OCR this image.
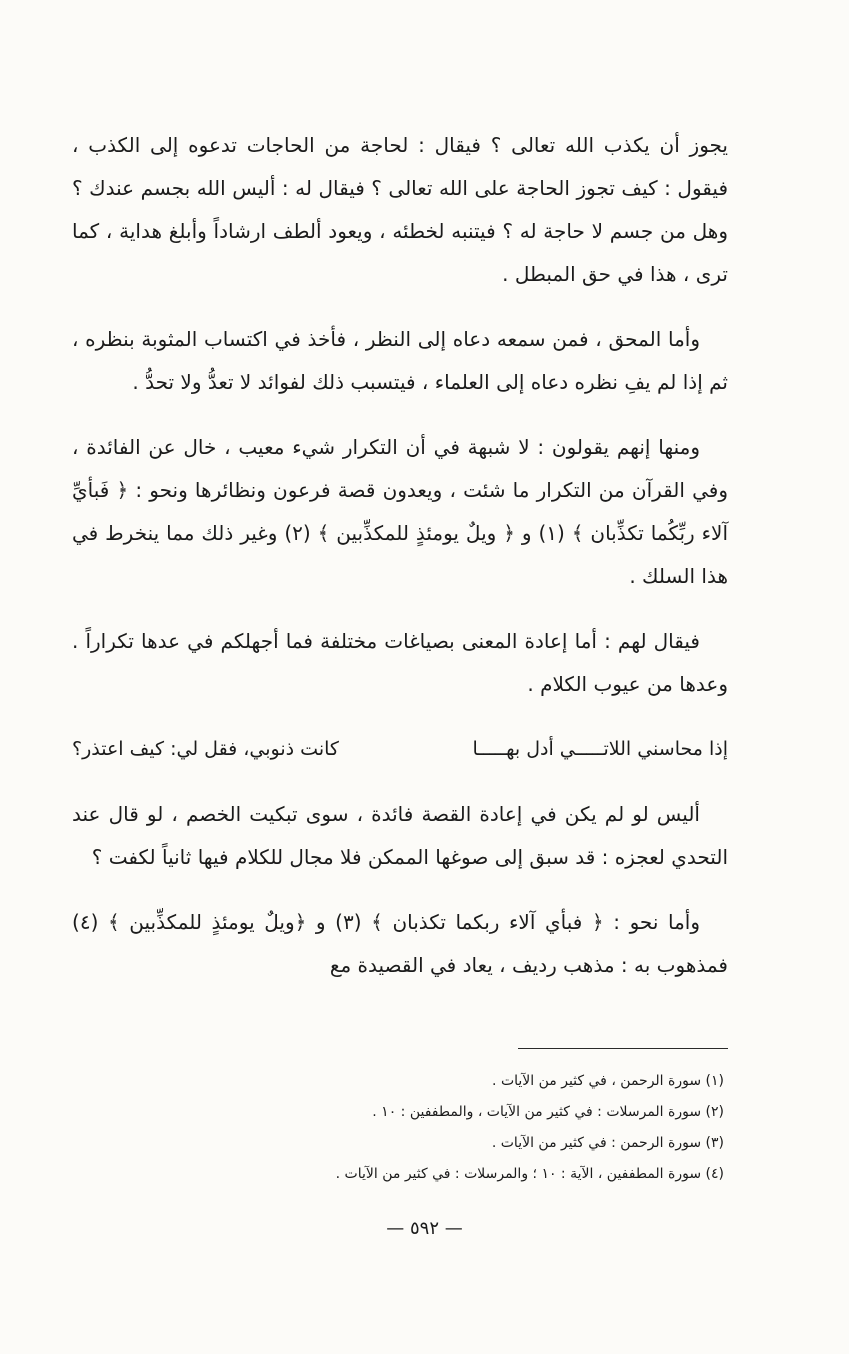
يجوز أن يكذب الله تعالى ؟ فيقال : لحاجة من الحاجات تدعوه إلى الكذب ، فيقول : كيف تجوز الحاجة على الله تعالى ؟ فيقال له : أليس الله بجسم عندك ؟ وهل من جسم لا حاجة له ؟ فيتنبه لخطئه ، ويعود ألطف ارشاداً وأبلغ هداية ، كما ترى ، هذا في حق المبطل .

وأما المحق ، فمن سمعه دعاه إلى النظر ، فأخذ في اكتساب المثوبة بنظره ، ثم إذا لم يفِ نظره دعاه إلى العلماء ، فيتسبب ذلك لفوائد لا تعدُّ ولا تحدُّ .

ومنها إنهم يقولون : لا شبهة في أن التكرار شيء معيب ، خال عن الفائدة ، وفي القرآن من التكرار ما شئت ، ويعدون قصة فرعون ونظائرها ونحو : ﴿ فَبأيِّ آلاء ربِّكُما تكذِّبان ﴾ (١) و ﴿ ويلٌ يومئذٍ للمكذِّبين ﴾ (٢) وغير ذلك مما ينخرط في هذا السلك .

فيقال لهم : أما إعادة المعنى بصياغات مختلفة فما أجهلكم في عدها تكراراً . وعدها من عيوب الكلام .

إذا محاسني اللاتـــــي أدل بهـــــا
كانت ذنوبي، فقل لي: كيف اعتذر؟

أليس لو لم يكن في إعادة القصة فائدة ، سوى تبكيت الخصم ، لو قال عند التحدي لعجزه : قد سبق إلى صوغها الممكن فلا مجال للكلام فيها ثانياً لكفت ؟

وأما نحو : ﴿ فبأي آلاء ربكما تكذبان ﴾ (٣) و ﴿ويلٌ يومئذٍ للمكذِّبين ﴾ (٤) فمذهوب به : مذهب رديف ، يعاد في القصيدة مع

(١) سورة الرحمن ، في كثير من الآيات .
(٢) سورة المرسلات : في كثير من الآيات ، والمطففين : ١٠ .
(٣) سورة الرحمن : في كثير من الآيات .
(٤) سورة المطففين ، الآية : ١٠ ؛ والمرسلات : في كثير من الآيات .
— ٥٩٢ —
